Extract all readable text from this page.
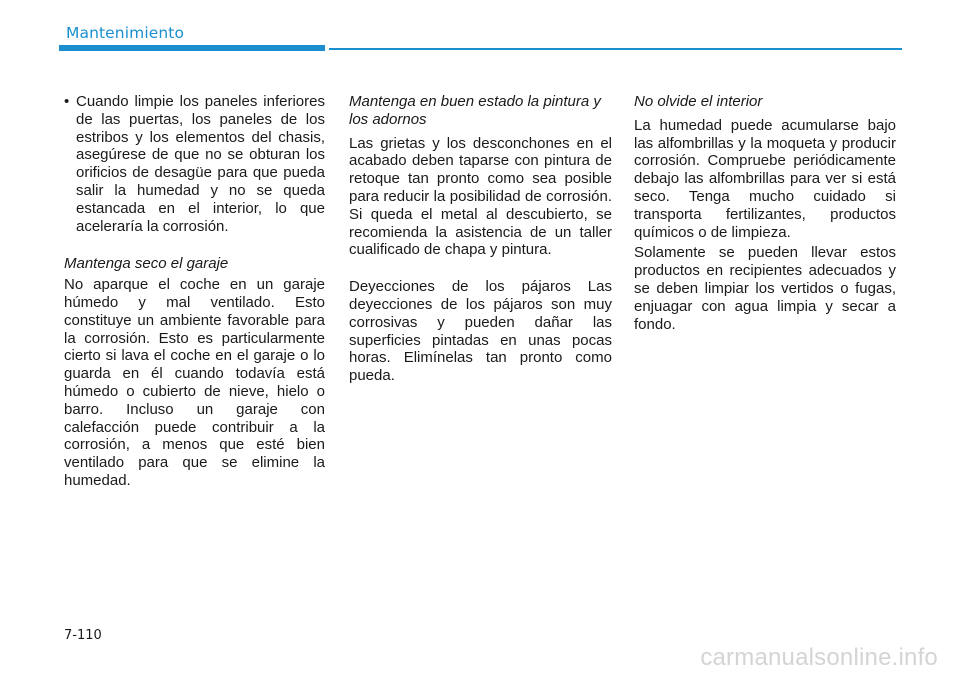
Mantenimiento
• Cuando limpie los paneles inferiores de las puertas, los paneles de los estribos y los elementos del chasis, asegúrese de que no se obturan los orificios de desagüe para que pueda salir la humedad y no se queda estancada en el interior, lo que aceleraría la corrosión.
Mantenga seco el garaje

No aparque el coche en un garaje húmedo y mal ventilado. Esto constituye un ambiente favorable para la corrosión. Esto es particularmente cierto si lava el coche en el garaje o lo guarda en él cuando todavía está húmedo o cubierto de nieve, hielo o barro. Incluso un garaje con calefacción puede contribuir a la corrosión, a menos que esté bien ventilado para que se elimine la humedad.

Mantenga en buen estado la pintura y los adornos

Las grietas y los desconchones en el acabado deben taparse con pintura de retoque tan pronto como sea posible para reducir la posibilidad de corrosión. Si queda el metal al descubierto, se recomienda la asistencia de un taller cualificado de chapa y pintura.

Deyecciones de los pájaros Las deyecciones de los pájaros son muy corrosivas y pueden dañar las superficies pintadas en unas pocas horas. Elimínelas tan pronto como pueda.

No olvide el interior

La humedad puede acumularse bajo las alfombrillas y la moqueta y producir corrosión. Compruebe periódicamente debajo las alfombrillas para ver si está seco. Tenga mucho cuidado si transporta fertilizantes, productos químicos o de limpieza.

Solamente se pueden llevar estos productos en recipientes adecuados y se deben limpiar los vertidos o fugas, enjuagar con agua limpia y secar a fondo.

7-110

carmanualsonline.info
